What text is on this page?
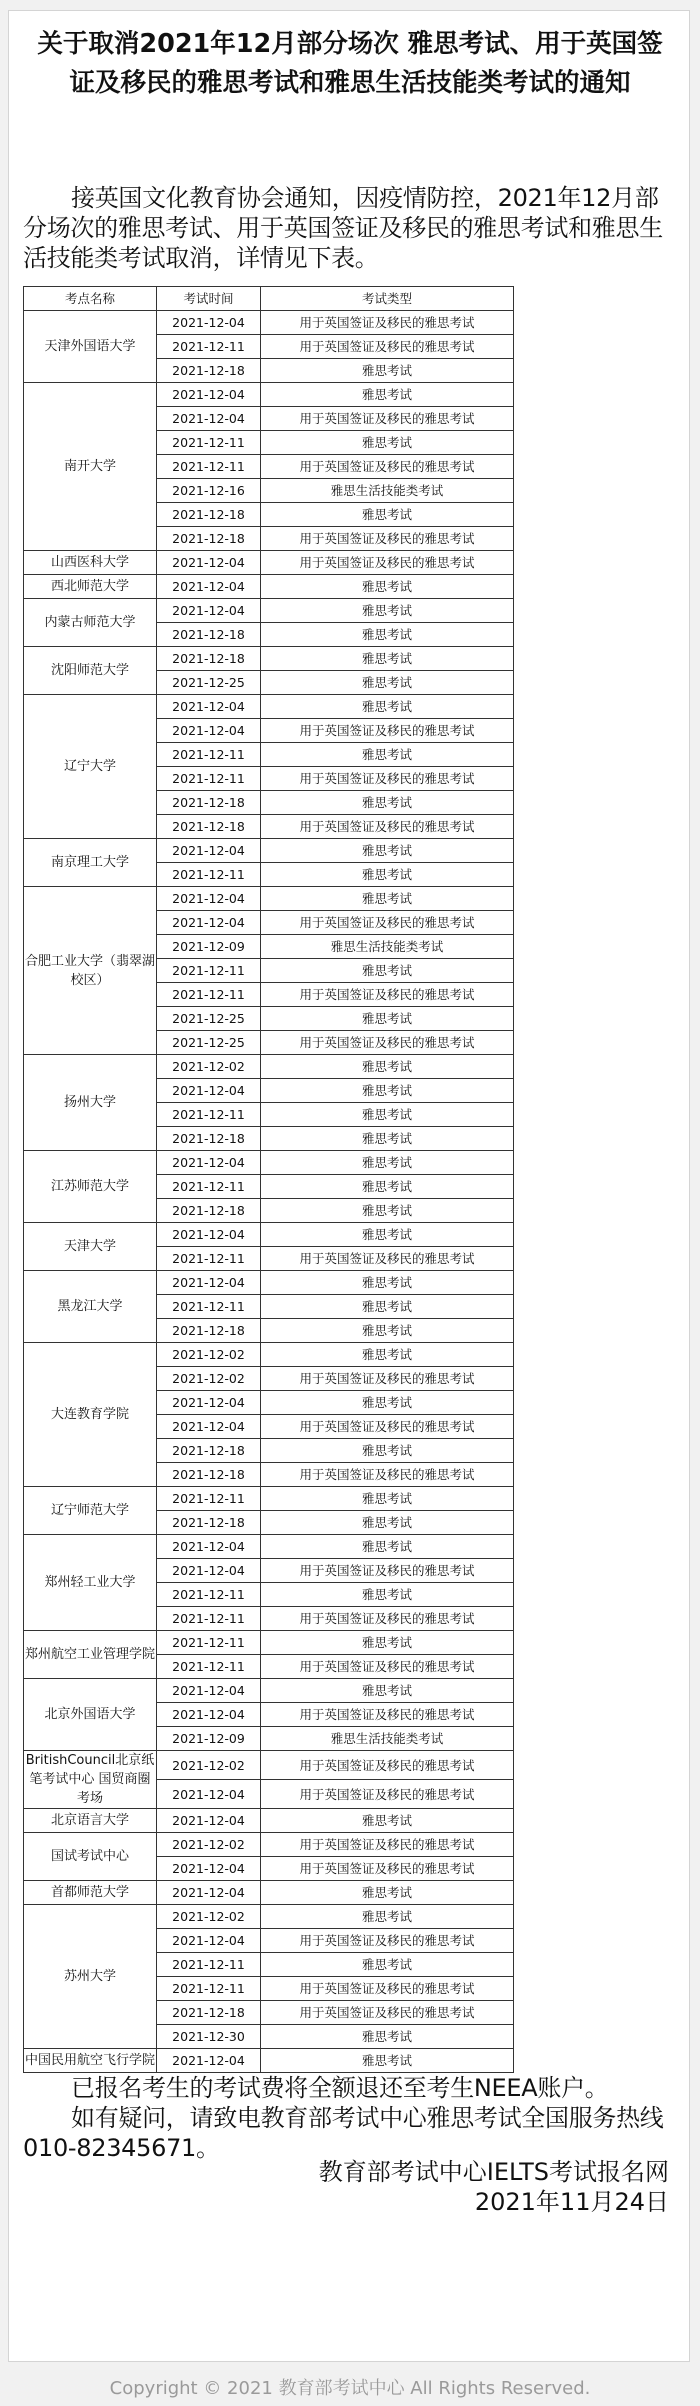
关于取消2021年12月部分场次 雅思考试、用于英国签证及移民的雅思考试和雅思生活技能类考试的通知
接英国文化教育协会通知，因疫情防控，2021年12月部分场次的雅思考试、用于英国签证及移民的雅思考试和雅思生活技能类考试取消，详情见下表。
考点名称	考试时间	考试类型
天津外国语大学	2021-12-04	用于英国签证及移民的雅思考试
	2021-12-11	用于英国签证及移民的雅思考试
	2021-12-18	雅思考试
南开大学	2021-12-04	雅思考试
	2021-12-04	用于英国签证及移民的雅思考试
	2021-12-11	雅思考试
	2021-12-11	用于英国签证及移民的雅思考试
	2021-12-16	雅思生活技能类考试
	2021-12-18	雅思考试
	2021-12-18	用于英国签证及移民的雅思考试
山西医科大学	2021-12-04	用于英国签证及移民的雅思考试
西北师范大学	2021-12-04	雅思考试
内蒙古师范大学	2021-12-04	雅思考试
	2021-12-18	雅思考试
沈阳师范大学	2021-12-18	雅思考试
	2021-12-25	雅思考试
辽宁大学	2021-12-04	雅思考试
	2021-12-04	用于英国签证及移民的雅思考试
	2021-12-11	雅思考试
	2021-12-11	用于英国签证及移民的雅思考试
	2021-12-18	雅思考试
	2021-12-18	用于英国签证及移民的雅思考试
南京理工大学	2021-12-04	雅思考试
	2021-12-11	雅思考试
合肥工业大学（翡翠湖校区）	2021-12-04	雅思考试
	2021-12-04	用于英国签证及移民的雅思考试
	2021-12-09	雅思生活技能类考试
	2021-12-11	雅思考试
	2021-12-11	用于英国签证及移民的雅思考试
	2021-12-25	雅思考试
	2021-12-25	用于英国签证及移民的雅思考试
扬州大学	2021-12-02	雅思考试
	2021-12-04	雅思考试
	2021-12-11	雅思考试
	2021-12-18	雅思考试
江苏师范大学	2021-12-04	雅思考试
	2021-12-11	雅思考试
	2021-12-18	雅思考试
天津大学	2021-12-04	雅思考试
	2021-12-11	用于英国签证及移民的雅思考试
黑龙江大学	2021-12-04	雅思考试
	2021-12-11	雅思考试
	2021-12-18	雅思考试
大连教育学院	2021-12-02	雅思考试
	2021-12-02	用于英国签证及移民的雅思考试
	2021-12-04	雅思考试
	2021-12-04	用于英国签证及移民的雅思考试
	2021-12-18	雅思考试
	2021-12-18	用于英国签证及移民的雅思考试
辽宁师范大学	2021-12-11	雅思考试
	2021-12-18	雅思考试
郑州轻工业大学	2021-12-04	雅思考试
	2021-12-04	用于英国签证及移民的雅思考试
	2021-12-11	雅思考试
	2021-12-11	用于英国签证及移民的雅思考试
郑州航空工业管理学院	2021-12-11	雅思考试
	2021-12-11	用于英国签证及移民的雅思考试
北京外国语大学	2021-12-04	雅思考试
	2021-12-04	用于英国签证及移民的雅思考试
	2021-12-09	雅思生活技能类考试
BritishCouncil北京纸笔考试中心 国贸商圈考场	2021-12-02	用于英国签证及移民的雅思考试
	2021-12-04	用于英国签证及移民的雅思考试
北京语言大学	2021-12-04	雅思考试
国试考试中心	2021-12-02	用于英国签证及移民的雅思考试
	2021-12-04	用于英国签证及移民的雅思考试
首都师范大学	2021-12-04	雅思考试
苏州大学	2021-12-02	雅思考试
	2021-12-04	用于英国签证及移民的雅思考试
	2021-12-11	雅思考试
	2021-12-11	用于英国签证及移民的雅思考试
	2021-12-18	用于英国签证及移民的雅思考试
	2021-12-30	雅思考试
中国民用航空飞行学院	2021-12-04	雅思考试
已报名考生的考试费将全额退还至考生NEEA账户。
如有疑问，请致电教育部考试中心雅思考试全国服务热线010-82345671。
教育部考试中心IELTS考试报名网
2021年11月24日
Copyright © 2021 教育部考试中心 All Rights Reserved.
